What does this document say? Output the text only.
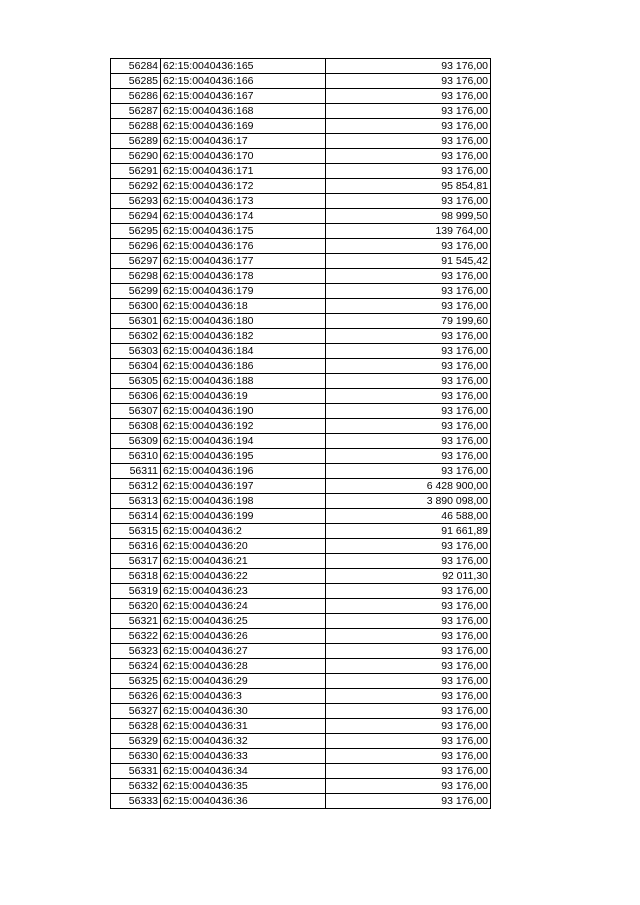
56284	62:15:0040436:165	93 176,00
56285	62:15:0040436:166	93 176,00
56286	62:15:0040436:167	93 176,00
56287	62:15:0040436:168	93 176,00
56288	62:15:0040436:169	93 176,00
56289	62:15:0040436:17	93 176,00
56290	62:15:0040436:170	93 176,00
56291	62:15:0040436:171	93 176,00
56292	62:15:0040436:172	95 854,81
56293	62:15:0040436:173	93 176,00
56294	62:15:0040436:174	98 999,50
56295	62:15:0040436:175	139 764,00
56296	62:15:0040436:176	93 176,00
56297	62:15:0040436:177	91 545,42
56298	62:15:0040436:178	93 176,00
56299	62:15:0040436:179	93 176,00
56300	62:15:0040436:18	93 176,00
56301	62:15:0040436:180	79 199,60
56302	62:15:0040436:182	93 176,00
56303	62:15:0040436:184	93 176,00
56304	62:15:0040436:186	93 176,00
56305	62:15:0040436:188	93 176,00
56306	62:15:0040436:19	93 176,00
56307	62:15:0040436:190	93 176,00
56308	62:15:0040436:192	93 176,00
56309	62:15:0040436:194	93 176,00
56310	62:15:0040436:195	93 176,00
56311	62:15:0040436:196	93 176,00
56312	62:15:0040436:197	6 428 900,00
56313	62:15:0040436:198	3 890 098,00
56314	62:15:0040436:199	46 588,00
56315	62:15:0040436:2	91 661,89
56316	62:15:0040436:20	93 176,00
56317	62:15:0040436:21	93 176,00
56318	62:15:0040436:22	92 011,30
56319	62:15:0040436:23	93 176,00
56320	62:15:0040436:24	93 176,00
56321	62:15:0040436:25	93 176,00
56322	62:15:0040436:26	93 176,00
56323	62:15:0040436:27	93 176,00
56324	62:15:0040436:28	93 176,00
56325	62:15:0040436:29	93 176,00
56326	62:15:0040436:3	93 176,00
56327	62:15:0040436:30	93 176,00
56328	62:15:0040436:31	93 176,00
56329	62:15:0040436:32	93 176,00
56330	62:15:0040436:33	93 176,00
56331	62:15:0040436:34	93 176,00
56332	62:15:0040436:35	93 176,00
56333	62:15:0040436:36	93 176,00
